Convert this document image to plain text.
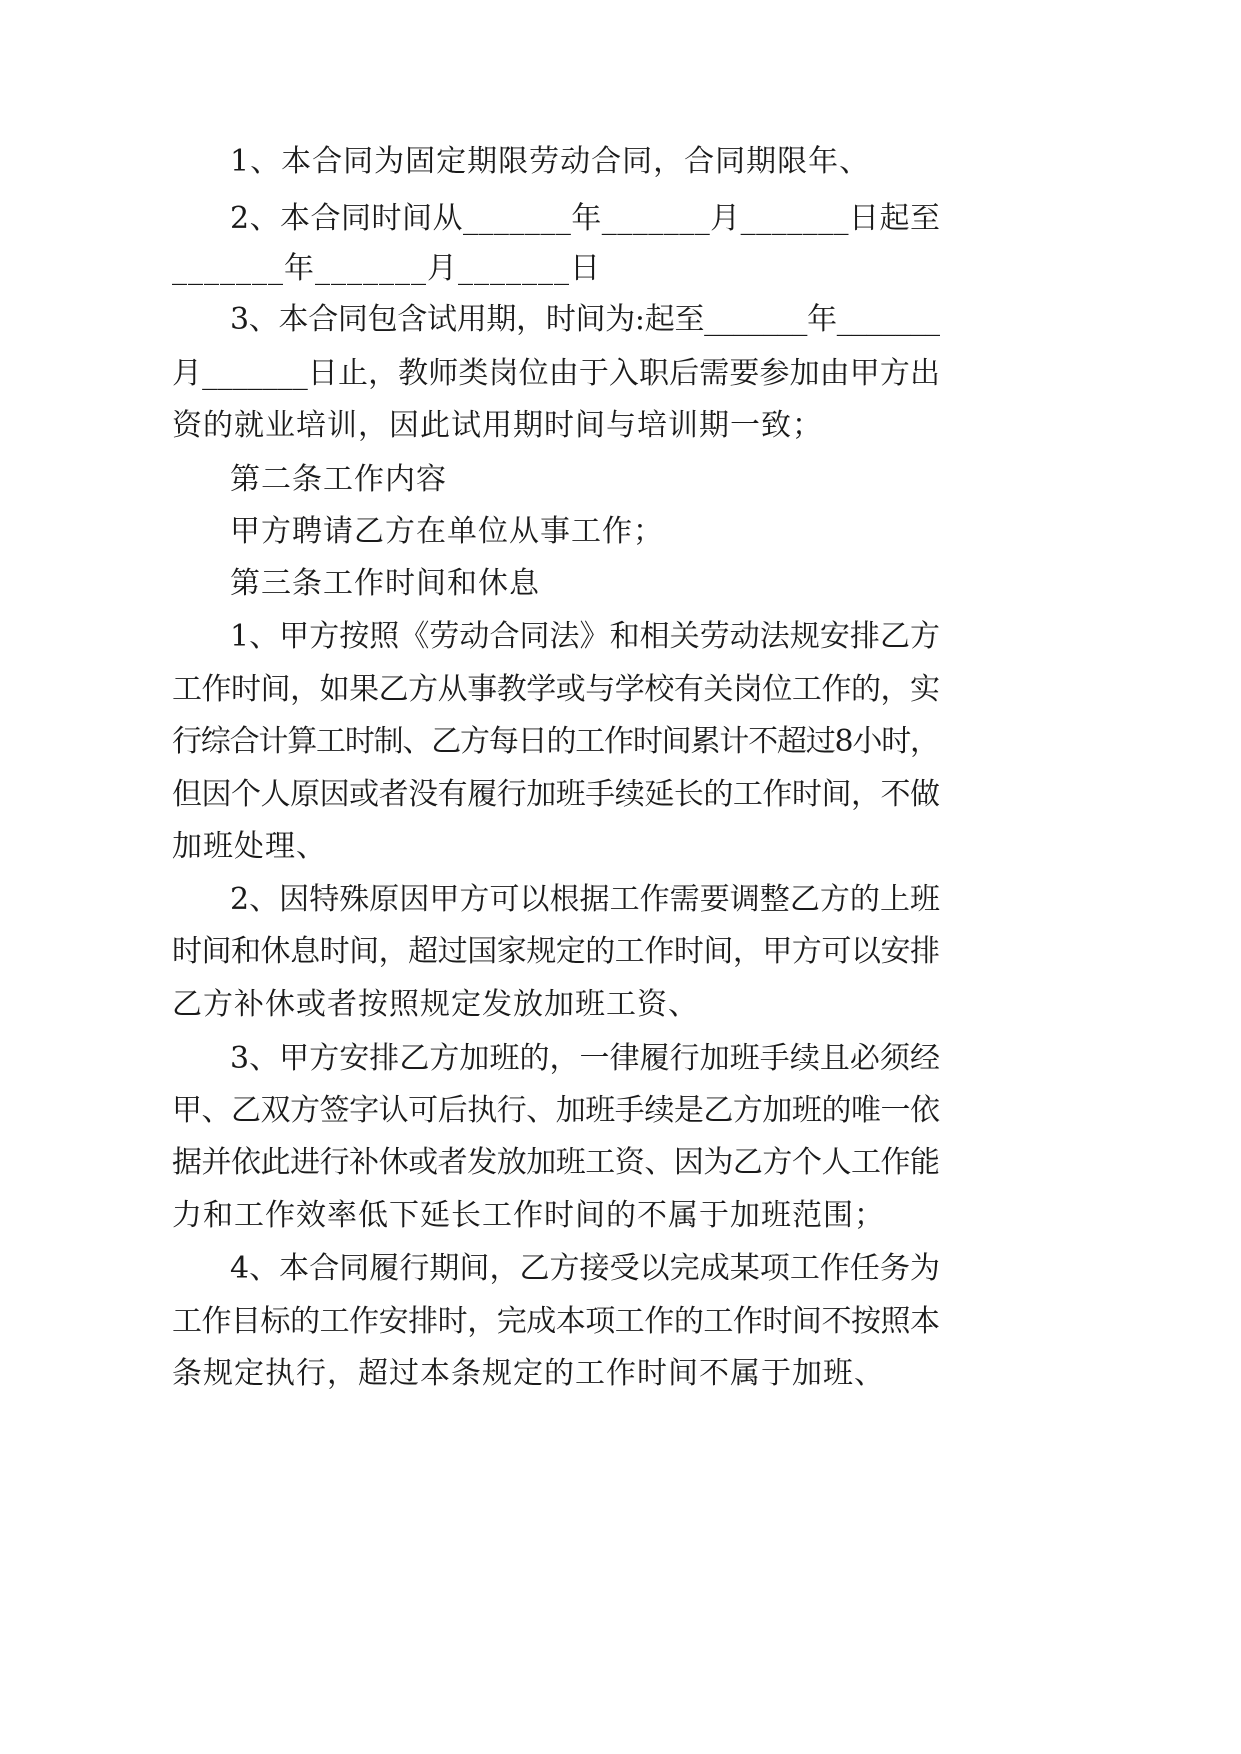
1、本合同为固定期限劳动合同，合同期限年、

2、本合同时间从_______年_______月_______日起至

_______年_______月_______日

3、本合同包含试用期，时间为:起至_______年_______

月_______日止，教师类岗位由于入职后需要参加由甲方出

资的就业培训，因此试用期时间与培训期一致；

第二条工作内容

甲方聘请乙方在单位从事工作；

第三条工作时间和休息

1、甲方按照《劳动合同法》和相关劳动法规安排乙方

工作时间，如果乙方从事教学或与学校有关岗位工作的，实

行综合计算工时制、乙方每日的工作时间累计不超过8小时，

但因个人原因或者没有履行加班手续延长的工作时间，不做

加班处理、

2、因特殊原因甲方可以根据工作需要调整乙方的上班

时间和休息时间，超过国家规定的工作时间，甲方可以安排

乙方补休或者按照规定发放加班工资、

3、甲方安排乙方加班的，一律履行加班手续且必须经

甲、乙双方签字认可后执行、加班手续是乙方加班的唯一依

据并依此进行补休或者发放加班工资、因为乙方个人工作能

力和工作效率低下延长工作时间的不属于加班范围；

4、本合同履行期间，乙方接受以完成某项工作任务为

工作目标的工作安排时，完成本项工作的工作时间不按照本

条规定执行，超过本条规定的工作时间不属于加班、
